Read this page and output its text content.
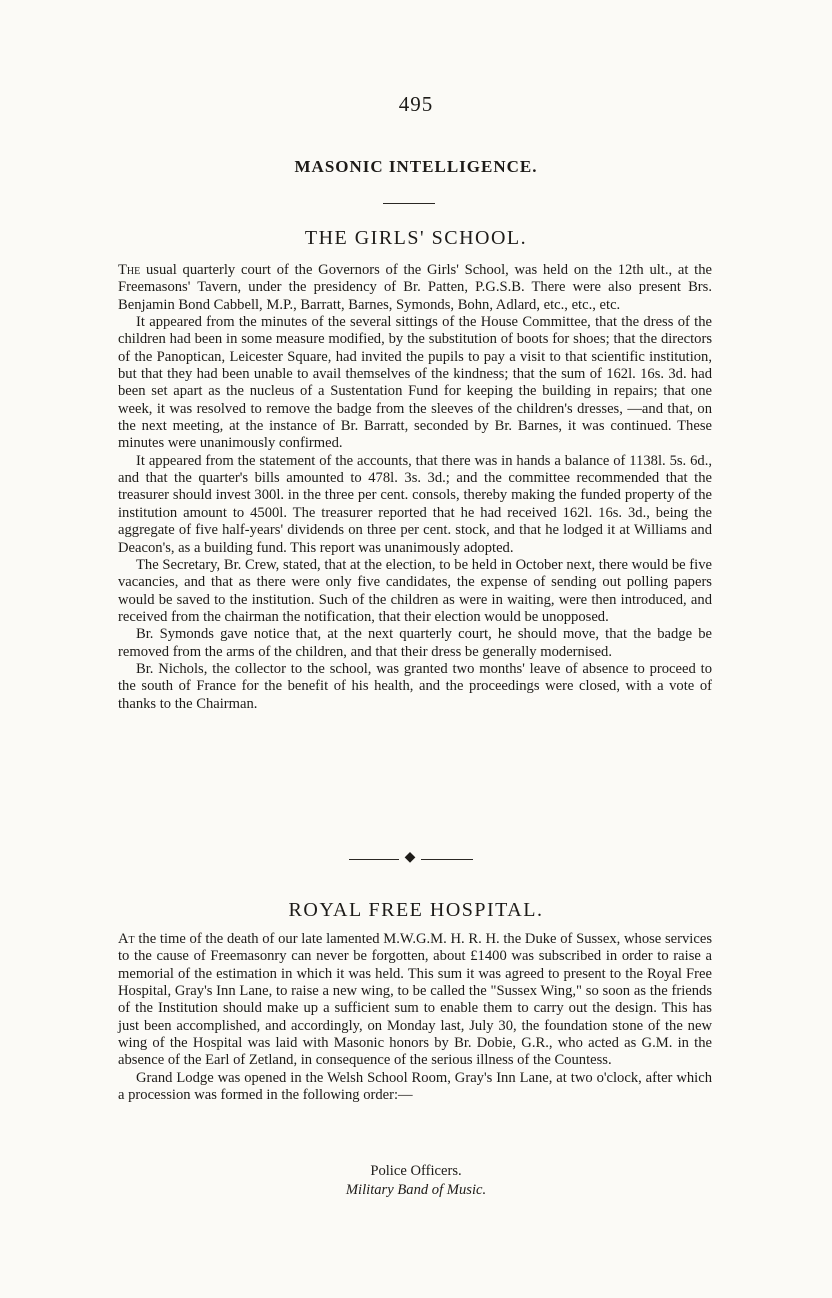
495
MASONIC INTELLIGENCE.
THE GIRLS' SCHOOL.

The usual quarterly court of the Governors of the Girls' School, was held on the 12th ult., at the Freemasons' Tavern, under the presidency of Br. Patten, P.G.S.B. There were also present Brs. Benjamin Bond Cabbell, M.P., Barratt, Barnes, Symonds, Bohn, Adlard, etc., etc., etc.

It appeared from the minutes of the several sittings of the House Committee, that the dress of the children had been in some measure modified, by the substitution of boots for shoes; that the directors of the Panoptican, Leicester Square, had invited the pupils to pay a visit to that scientific institution, but that they had been unable to avail themselves of the kindness; that the sum of 162l. 16s. 3d. had been set apart as the nucleus of a Sustentation Fund for keeping the building in repairs; that one week, it was resolved to remove the badge from the sleeves of the children's dresses, —and that, on the next meeting, at the instance of Br. Barratt, seconded by Br. Barnes, it was continued. These minutes were unanimously confirmed.

It appeared from the statement of the accounts, that there was in hands a balance of 1138l. 5s. 6d., and that the quarter's bills amounted to 478l. 3s. 3d.; and the committee recommended that the treasurer should invest 300l. in the three per cent. consols, thereby making the funded property of the institution amount to 4500l. The treasurer reported that he had received 162l. 16s. 3d., being the aggregate of five half-years' dividends on three per cent. stock, and that he lodged it at Williams and Deacon's, as a building fund. This report was unanimously adopted.

The Secretary, Br. Crew, stated, that at the election, to be held in October next, there would be five vacancies, and that as there were only five candidates, the expense of sending out polling papers would be saved to the institution. Such of the children as were in waiting, were then introduced, and received from the chairman the notification, that their election would be unopposed.

Br. Symonds gave notice that, at the next quarterly court, he should move, that the badge be removed from the arms of the children, and that their dress be generally modernised.

Br. Nichols, the collector to the school, was granted two months' leave of absence to proceed to the south of France for the benefit of his health, and the proceedings were closed, with a vote of thanks to the Chairman.

◆
ROYAL FREE HOSPITAL.

At the time of the death of our late lamented M.W.G.M. H. R. H. the Duke of Sussex, whose services to the cause of Freemasonry can never be forgotten, about £1400 was subscribed in order to raise a memorial of the estimation in which it was held. This sum it was agreed to present to the Royal Free Hospital, Gray's Inn Lane, to raise a new wing, to be called the "Sussex Wing," so soon as the friends of the Institution should make up a sufficient sum to enable them to carry out the design. This has just been accomplished, and accordingly, on Monday last, July 30, the foundation stone of the new wing of the Hospital was laid with Masonic honors by Br. Dobie, G.R., who acted as G.M. in the absence of the Earl of Zetland, in consequence of the serious illness of the Countess.

Grand Lodge was opened in the Welsh School Room, Gray's Inn Lane, at two o'clock, after which a procession was formed in the following order:—

Police Officers.
Military Band of Music.
